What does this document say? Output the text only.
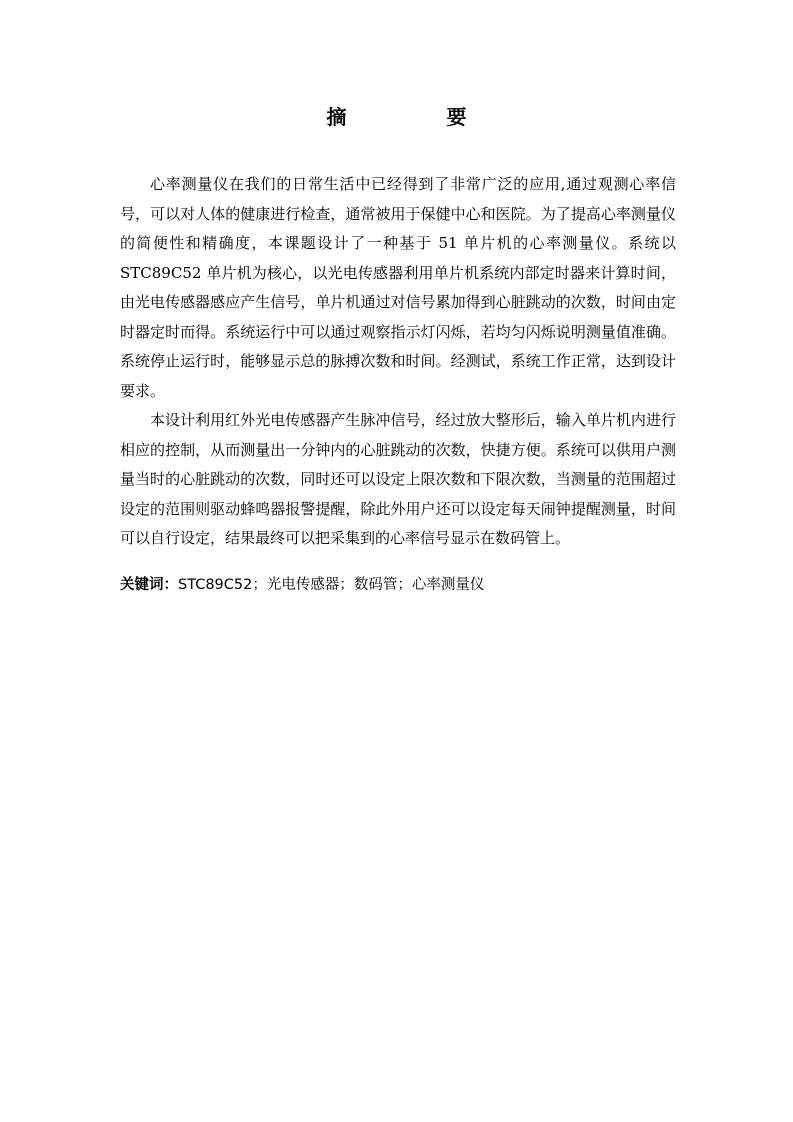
摘　要

心率测量仪在我们的日常生活中已经得到了非常广泛的应用,通过观测心率信号，可以对人体的健康进行检查，通常被用于保健中心和医院。为了提高心率测量仪的简便性和精确度，本课题设计了一种基于 51 单片机的心率测量仪。系统以 STC89C52 单片机为核心，以光电传感器利用单片机系统内部定时器来计算时间，由光电传感器感应产生信号，单片机通过对信号累加得到心脏跳动的次数，时间由定时器定时而得。系统运行中可以通过观察指示灯闪烁，若均匀闪烁说明测量值准确。系统停止运行时，能够显示总的脉搏次数和时间。经测试，系统工作正常，达到设计要求。

本设计利用红外光电传感器产生脉冲信号，经过放大整形后，输入单片机内进行相应的控制，从而测量出一分钟内的心脏跳动的次数，快捷方便。系统可以供用户测量当时的心脏跳动的次数，同时还可以设定上限次数和下限次数，当测量的范围超过设定的范围则驱动蜂鸣器报警提醒，除此外用户还可以设定每天闹钟提醒测量，时间可以自行设定，结果最终可以把采集到的心率信号显示在数码管上。

关键词：STC89C52；光电传感器；数码管；心率测量仪
